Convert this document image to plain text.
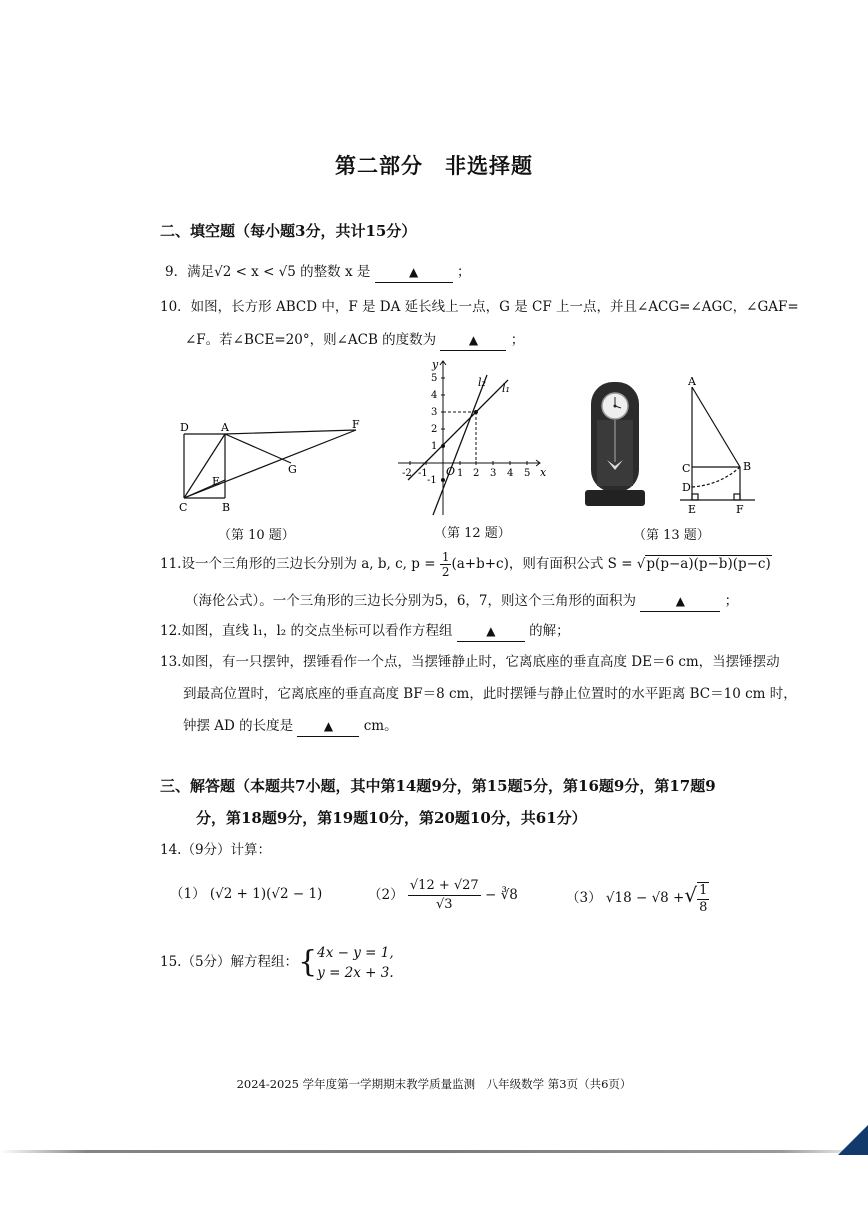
第二部分　非选择题
二、填空题（每小题3分，共计15分）
9．满足√2 < x < √5 的整数 x 是	▲	；
10．如图，长方形 ABCD 中，F 是 DA 延长线上一点，G 是 CF 上一点，并且∠ACG=∠AGC，∠GAF=
∠F。若∠BCE=20°，则∠ACB 的度数为	▲ ；
D	A	F
G
E
C	B
（第 10 题）
y
x
O
l₁
l₂
-2 -1	1 2 3 4 5
5
4
3
2
1
-1
（第 12 题）
A
C	B
D
E	F
（第 13 题）
11.设一个三角形的三边长分别为 a, b, c, $p = \frac{1}{2} (a+b+c)$，则有面积公式 S = √p(p−a)(p−b)(p−c)
（海伦公式）。一个三角形的三边长分别为5，6，7，则这个三角形的面积为	▲	；
12.如图，直线 l₁，l₂ 的交点坐标可以看作方程组	▲ 的解；
13.如图，有一只摆钟，摆锤看作一个点，当摆锤静止时，它离底座的垂直高度 DE＝6 cm，当摆锤摆动
到最高位置时，它离底座的垂直高度 BF＝8 cm，此时摆锤与静止位置时的水平距离 BC＝10 cm 时，
钟摆 AD 的长度是	▲ cm。
三、解答题（本题共7小题，其中第14题9分，第15题5分，第16题9分，第17题9
分，第18题9分，第19题10分，第20题10分，共61分）
14.（9分）计算：
（1） (√2 + 1)(√2 − 1)	$(2) \frac{√12 + √27}{√3}$ − ∛8	（3） √18 − √8 +√ $\frac{1}{8}$
15.（5分）解方程组：{ 4x − y = 1,
y = 2x + 3.
2024-2025 学年度第一学期期末教学质量监测　八年级数学 第3页（共6页）
